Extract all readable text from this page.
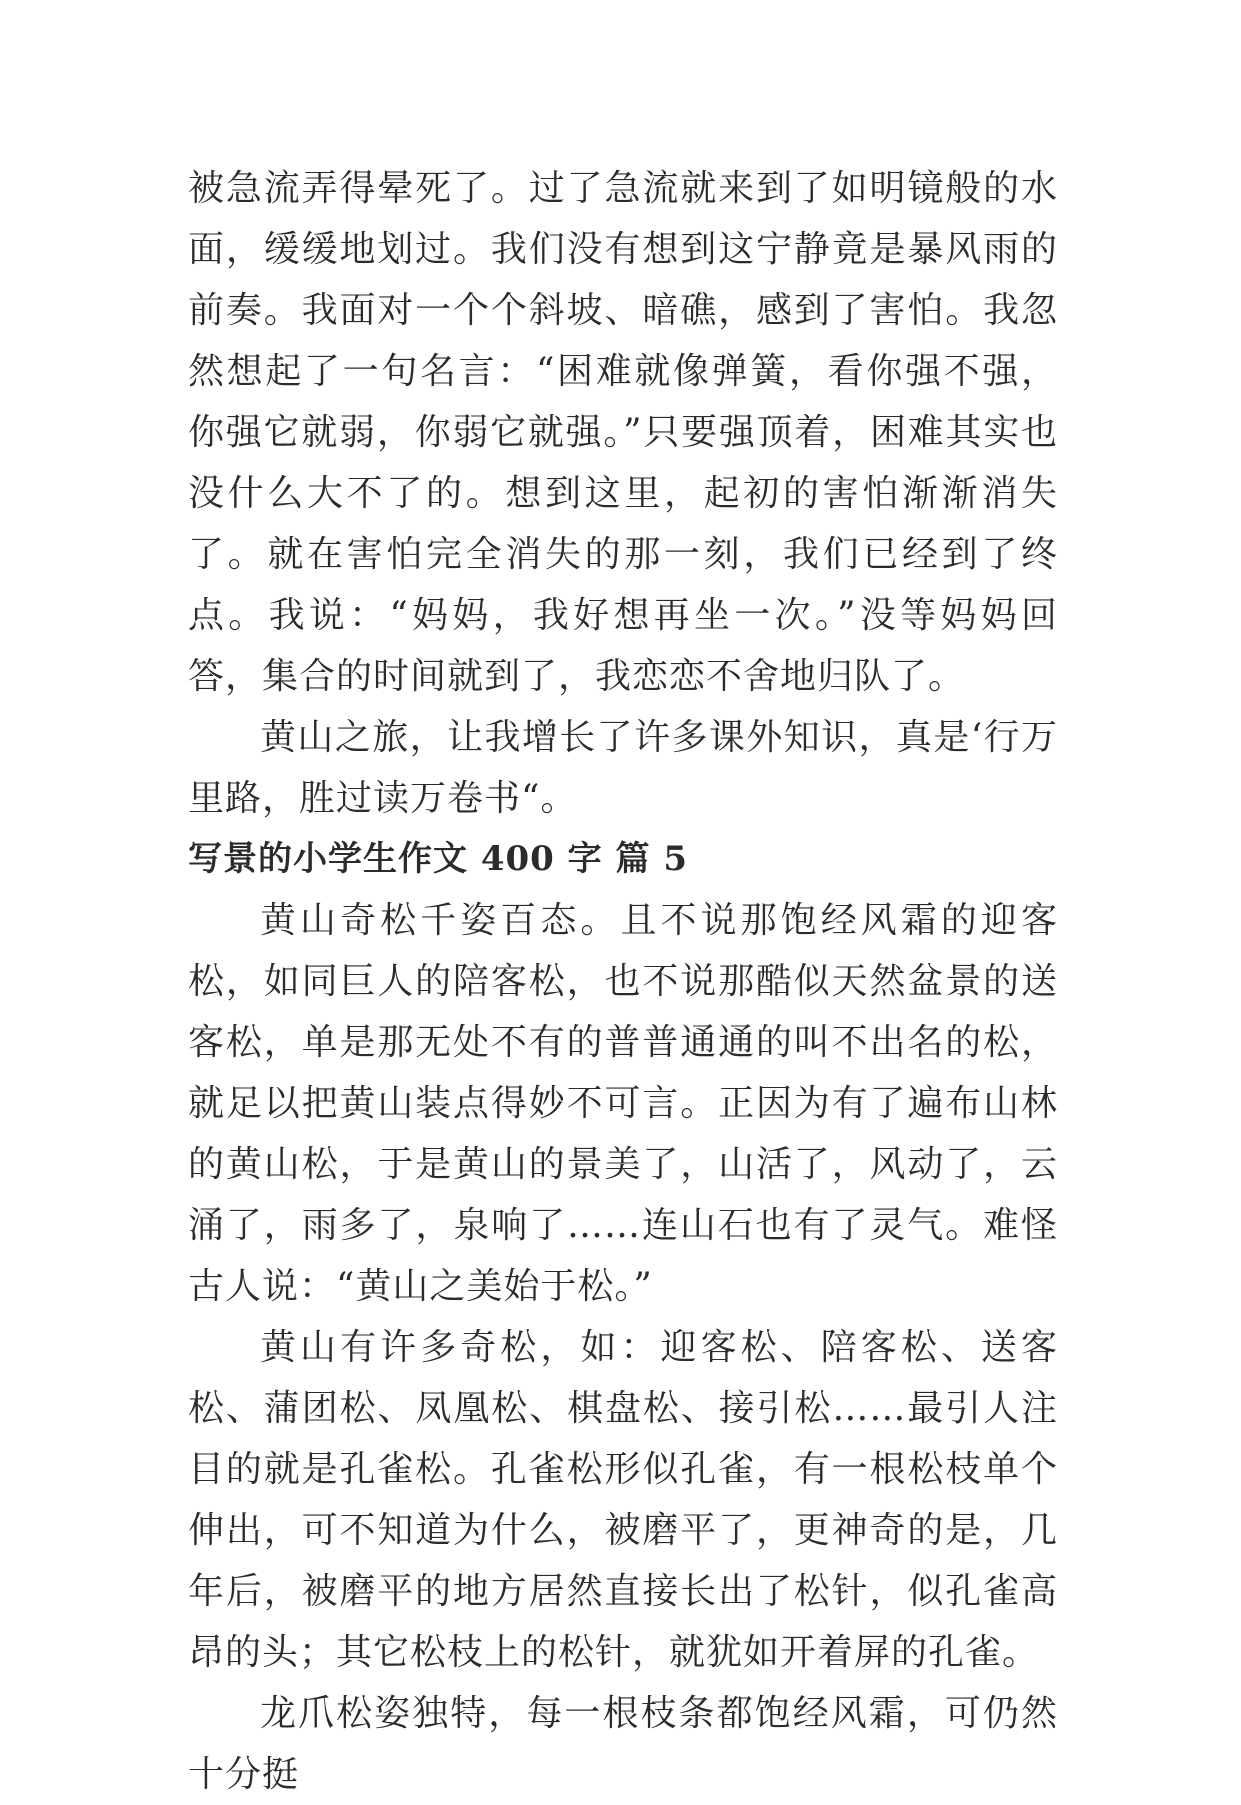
被急流弄得晕死了。过了急流就来到了如明镜般的水面，缓缓地划过。我们没有想到这宁静竟是暴风雨的前奏。我面对一个个斜坡、暗礁，感到了害怕。我忽然想起了一句名言：“困难就像弹簧，看你强不强，你强它就弱，你弱它就强。”只要强顶着，困难其实也没什么大不了的。想到这里，起初的害怕渐渐消失了。就在害怕完全消失的那一刻，我们已经到了终点。我说：“妈妈，我好想再坐一次。”没等妈妈回答，集合的时间就到了，我恋恋不舍地归队了。

黄山之旅，让我增长了许多课外知识，真是‘行万里路，胜过读万卷书“。

写景的小学生作文 400 字 篇 5

黄山奇松千姿百态。且不说那饱经风霜的迎客松，如同巨人的陪客松，也不说那酷似天然盆景的送客松，单是那无处不有的普普通通的叫不出名的松，就足以把黄山装点得妙不可言。正因为有了遍布山林的黄山松，于是黄山的景美了，山活了，风动了，云涌了，雨多了，泉响了……连山石也有了灵气。难怪古人说：“黄山之美始于松。”

黄山有许多奇松，如：迎客松、陪客松、送客松、蒲团松、凤凰松、棋盘松、接引松……最引人注目的就是孔雀松。孔雀松形似孔雀，有一根松枝单个伸出，可不知道为什么，被磨平了，更神奇的是，几年后，被磨平的地方居然直接长出了松针，似孔雀高昂的头；其它松枝上的松针，就犹如开着屏的孔雀。

龙爪松姿独特，每一根枝条都饱经风霜，可仍然十分挺
